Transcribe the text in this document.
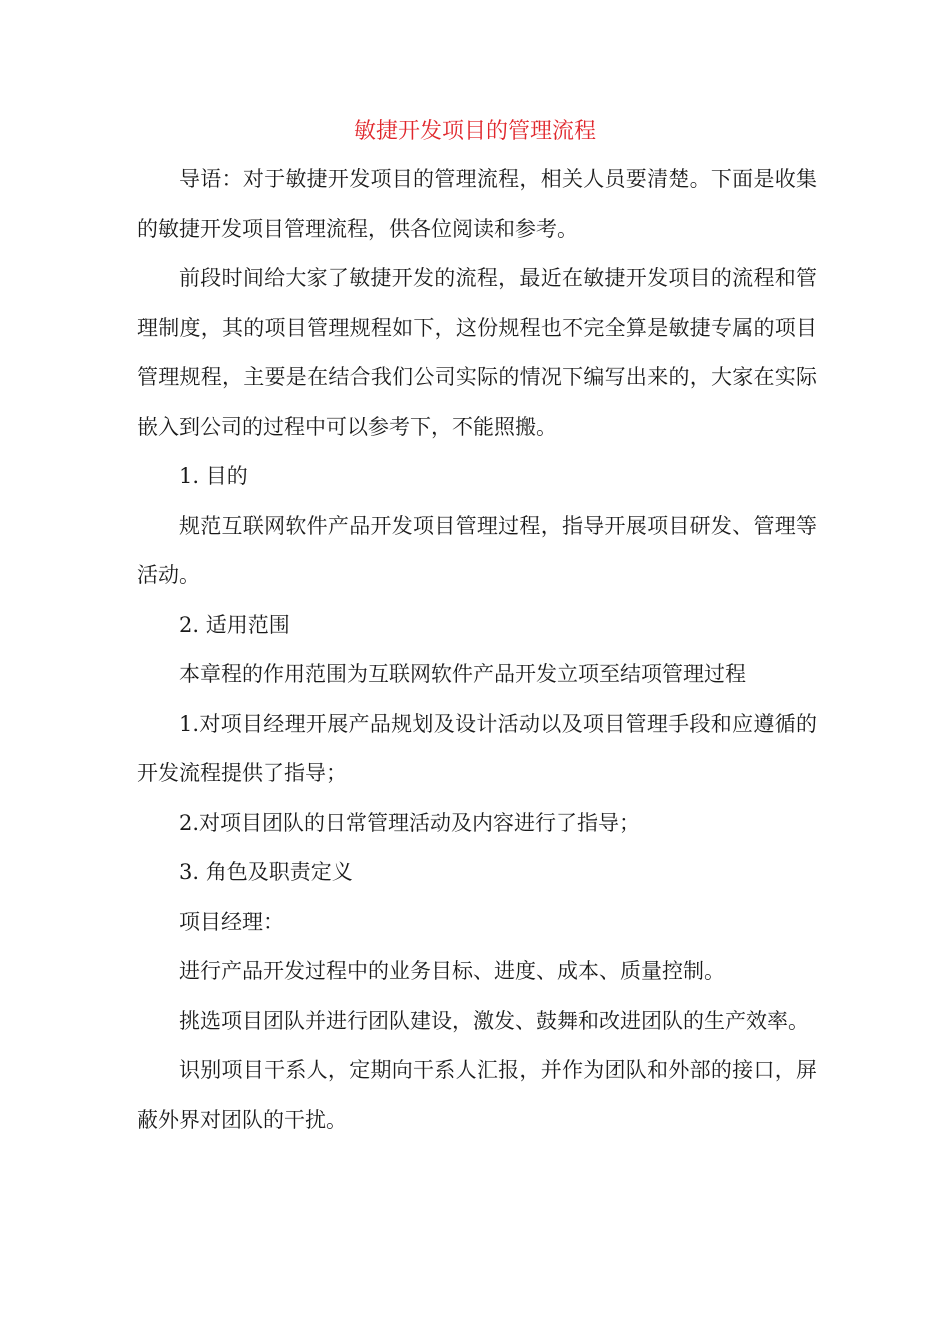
敏捷开发项目的管理流程

导语：对于敏捷开发项目的管理流程，相关人员要清楚。下面是收集的敏捷开发项目管理流程，供各位阅读和参考。

前段时间给大家了敏捷开发的流程，最近在敏捷开发项目的流程和管理制度，其的项目管理规程如下，这份规程也不完全算是敏捷专属的项目管理规程，主要是在结合我们公司实际的情况下编写出来的，大家在实际嵌入到公司的过程中可以参考下，不能照搬。

1. 目的

规范互联网软件产品开发项目管理过程，指导开展项目研发、管理等活动。

2. 适用范围

本章程的作用范围为互联网软件产品开发立项至结项管理过程

1.对项目经理开展产品规划及设计活动以及项目管理手段和应遵循的开发流程提供了指导；

2.对项目团队的日常管理活动及内容进行了指导；

3. 角色及职责定义

项目经理：

进行产品开发过程中的业务目标、进度、成本、质量控制。

挑选项目团队并进行团队建设，激发、鼓舞和改进团队的生产效率。

识别项目干系人，定期向干系人汇报，并作为团队和外部的接口，屏蔽外界对团队的干扰。
